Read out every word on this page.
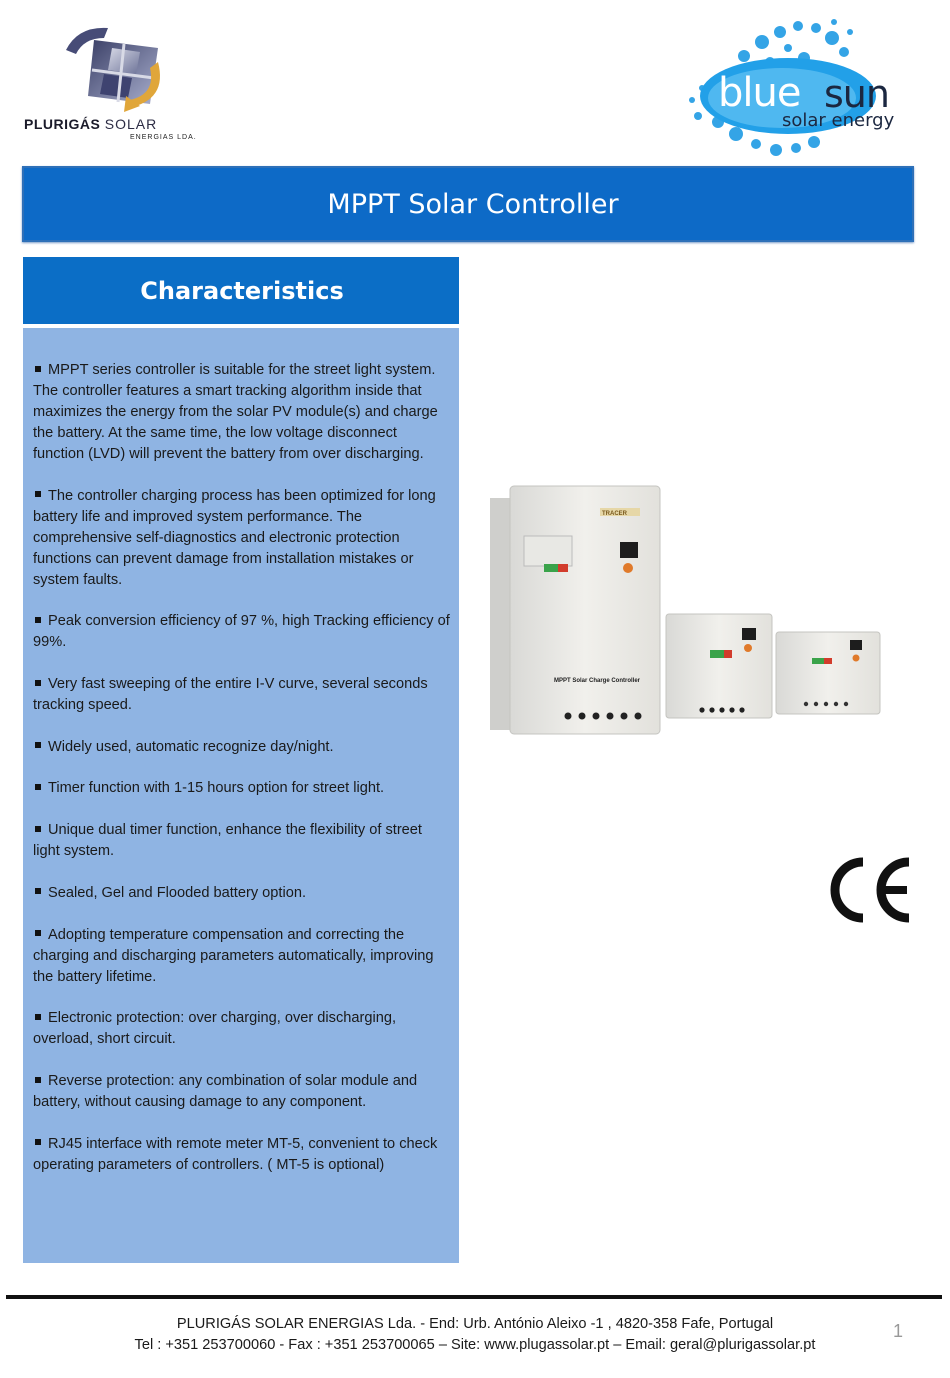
PLURIGÁS SOLAR
ENERGIAS LDA.
blue sun
solar energy
MPPT Solar Controller
Characteristics
MPPT series controller is suitable for the street light system. The controller features a smart tracking algorithm inside that maximizes the energy from the solar PV module(s) and charge the battery. At the same time, the low voltage disconnect function (LVD) will prevent the battery from over discharging.
The controller charging process has been optimized for long battery life and improved system performance. The comprehensive self-diagnostics and electronic protection functions can prevent damage from installation mistakes or system faults.
Peak conversion efficiency of 97 %, high Tracking efficiency of 99%.
Very fast sweeping of the entire I-V curve, several seconds tracking speed.
Widely used, automatic recognize day/night.
Timer function with 1-15 hours option for street light.
Unique dual timer function, enhance the flexibility of street light system.
Sealed, Gel and Flooded battery option.
Adopting temperature compensation and correcting the charging and discharging parameters automatically, improving the battery lifetime.
Electronic protection: over charging, over discharging, overload, short circuit.
Reverse protection: any combination of solar module and battery, without causing damage to any component.
RJ45 interface with remote meter MT-5, convenient to check operating parameters of controllers. ( MT-5 is optional)
TRACER
MPPT Solar Charge Controller
PLURIGÁS SOLAR ENERGIAS Lda. - End: Urb. António Aleixo -1 , 4820-358 Fafe, Portugal
Tel : +351 253700060 - Fax : +351 253700065 – Site: www.plugassolar.pt – Email: geral@plurigassolar.pt
1
